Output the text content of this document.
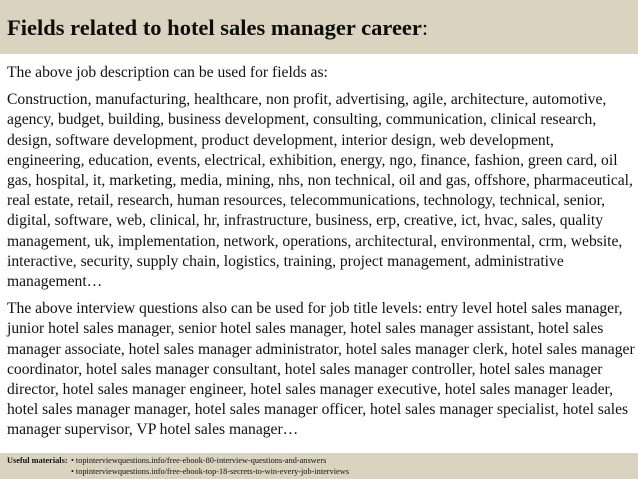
Fields related to hotel sales manager career:

The above job description can be used for fields as:

Construction, manufacturing, healthcare, non profit, advertising, agile, architecture, automotive, agency, budget, building, business development, consulting, communication, clinical research, design, software development, product development, interior design, web development, engineering, education, events, electrical, exhibition, energy, ngo, finance, fashion, green card, oil gas, hospital, it, marketing, media, mining, nhs, non technical, oil and gas, offshore, pharmaceutical, real estate, retail, research, human resources, telecommunications, technology, technical, senior, digital, software, web, clinical, hr, infrastructure, business, erp, creative, ict, hvac, sales, quality management, uk, implementation, network, operations, architectural, environmental, crm, website, interactive, security, supply chain, logistics, training, project management, administrative management…

The above interview questions also can be used for job title levels: entry level hotel sales manager, junior hotel sales manager, senior hotel sales manager, hotel sales manager assistant, hotel sales manager associate, hotel sales manager administrator, hotel sales manager clerk, hotel sales manager coordinator, hotel sales manager consultant, hotel sales manager controller, hotel sales manager director, hotel sales manager engineer, hotel sales manager executive, hotel sales manager leader, hotel sales manager manager, hotel sales manager officer, hotel sales manager specialist, hotel sales manager supervisor, VP hotel sales manager…

Useful materials: • topinterviewquestions.info/free-ebook-80-interview-questions-and-answers
• topinterviewquestions.info/free-ebook-top-18-secrets-to-win-every-job-interviews
